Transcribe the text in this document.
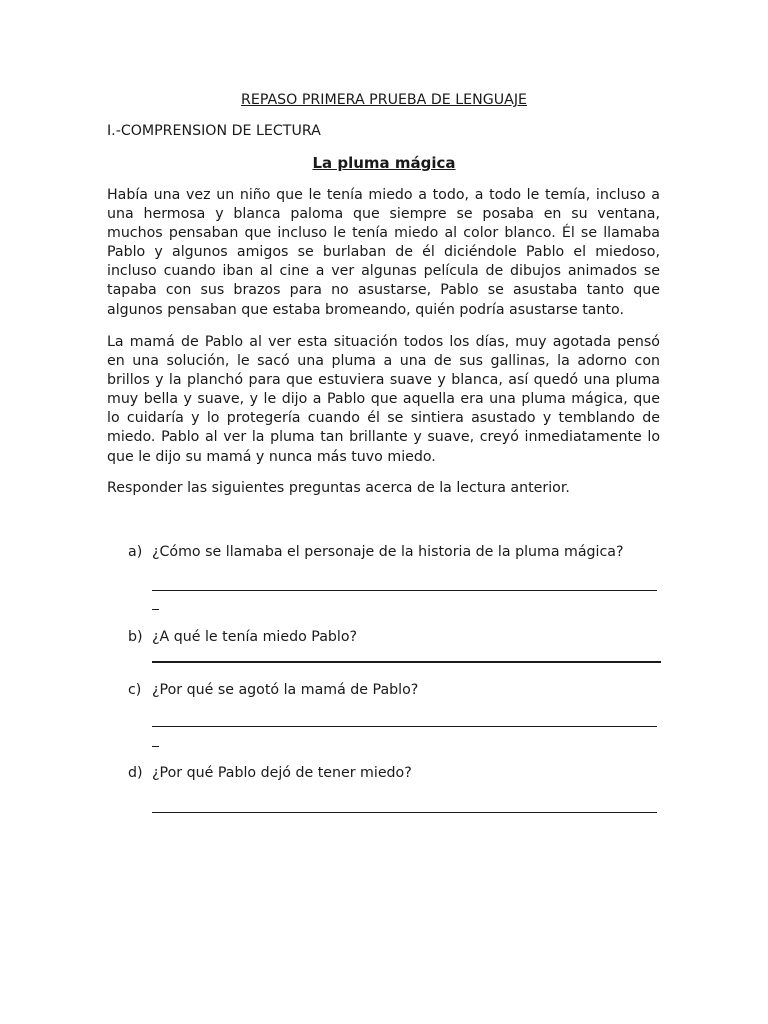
REPASO PRIMERA PRUEBA DE LENGUAJE
I.-COMPRENSION DE LECTURA
La pluma mágica

Había una vez un niño que le tenía miedo a todo, a todo le temía, incluso a una hermosa y blanca paloma que siempre se posaba en su ventana, muchos pensaban que incluso le tenía miedo al color blanco. Él se llamaba Pablo y algunos amigos se burlaban de él diciéndole Pablo el miedoso, incluso cuando iban al cine a ver algunas película de dibujos animados se tapaba con sus brazos para no asustarse, Pablo se asustaba tanto que algunos pensaban que estaba bromeando, quién podría asustarse tanto.

La mamá de Pablo al ver esta situación todos los días, muy agotada pensó en una solución, le sacó una pluma a una de sus gallinas, la adorno con brillos y la planchó para que estuviera suave y blanca, así quedó una pluma muy bella y suave, y le dijo a Pablo que aquella era una pluma mágica, que lo cuidaría y lo protegería cuando él se sintiera asustado y temblando de miedo. Pablo al ver la pluma tan brillante y suave, creyó inmediatamente lo que le dijo su mamá y nunca más tuvo miedo.

Responder las siguientes preguntas acerca de la lectura anterior.
a) ¿Cómo se llamaba el personaje de la historia de la pluma mágica?
b) ¿A qué le tenía miedo Pablo?
c) ¿Por qué se agotó la mamá de Pablo?
d) ¿Por qué Pablo dejó de tener miedo?
